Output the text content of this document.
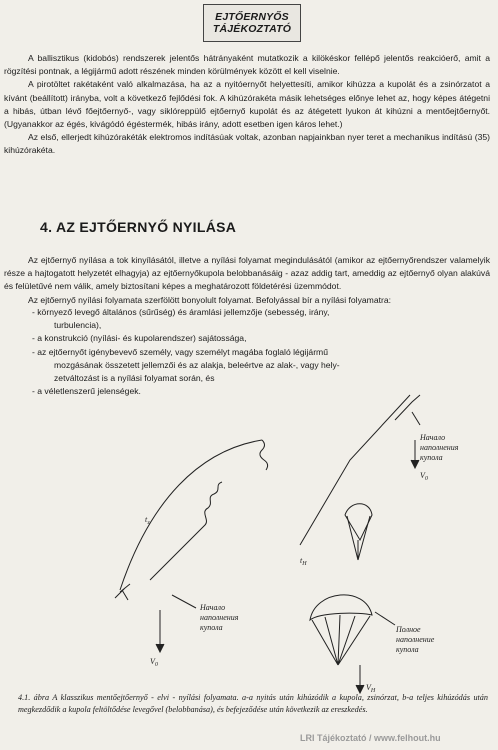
EJTŐERNYŐS
TÁJÉKOZTATÓ

A ballisztikus (kidobós) rendszerek jelentős hátrányaként mutatkozik a kilökéskor fellépő jelentős reakcióerő, amit a rögzítési pontnak, a légijármű adott részének minden körülmények között el kell viselnie.

A pirotöltet rakétaként való alkalmazása, ha az a nyitóernyőt helyettesíti, amikor kihúzza a kupolát és a zsinórzatot a kívánt (beállított) irányba, volt a következő fejlődési fok. A kihúzórakéta másik lehetséges előnye lehet az, hogy képes átégetni a hibás, útban lévő főejtőernyő-, vagy siklóreppülő ejtőernyő kupolát és az átégetett lyukon át kihúzni a mentőejtőernyőt. (Ugyanakkor az égés, kivágódó égéstermék, hibás irány, adott esetben igen káros lehet.)

Az első, ellerjedt kihúzórakéták elektromos indításúak voltak, azonban napjainkban nyer teret a mechanikus indítású (35) kihúzórakéta.

4. AZ EJTŐERNYŐ NYILÁSA

Az ejtőernyő nyílása a tok kinyílásától, illetve a nyílási folyamat megindulásától (amikor az ejtőernyőrendszer valamelyik része a hajtogatott helyzetét elhagyja) az ejtőernyőkupola belobbanásáig - azaz addig tart, ameddig az ejtőernyő olyan alakúvá és felületűvé nem válik, amely biztosítani képes a meghatározott földetérési üzemmódot.

Az ejtőernyő nyílási folyamata szerfölött bonyolult folyamat. Befolyással bír a nyílási folyamatra:

- környező levegő általános (sűrűség) és áramlási jellemzője (sebesség, irány,
turbulencia),
- a konstrukció (nyílási- és kupolarendszer) sajátossága,
- az ejtőernyőt igénybevevő személy, vagy személyt magába foglaló légijármű
mozgásának összetett jellemzői és az alakja, beleértve az alak-, vagy hely-
zetváltozást is a nyílási folyamat során, és
- a véletlenszerű jelenségek.
$t_з$
$t_H$
$V_0$
$V_0$
$V_H$
Начало
наполнения
купола
Начало
наполнения
купола
Полное
наполнение
купола
4.1. ábra A klasszikus mentőejtőernyő - elvi - nyílási folyamata. a-a nyitás után kihúzódik a kupola, zsinórzat, b-a teljes kihúzódás után megkezdődik a kupola feltöltődése levegővel (belobbanása), és befejeződése után következik az ereszkedés.
LRI Tájékoztató / www.felhout.hu
